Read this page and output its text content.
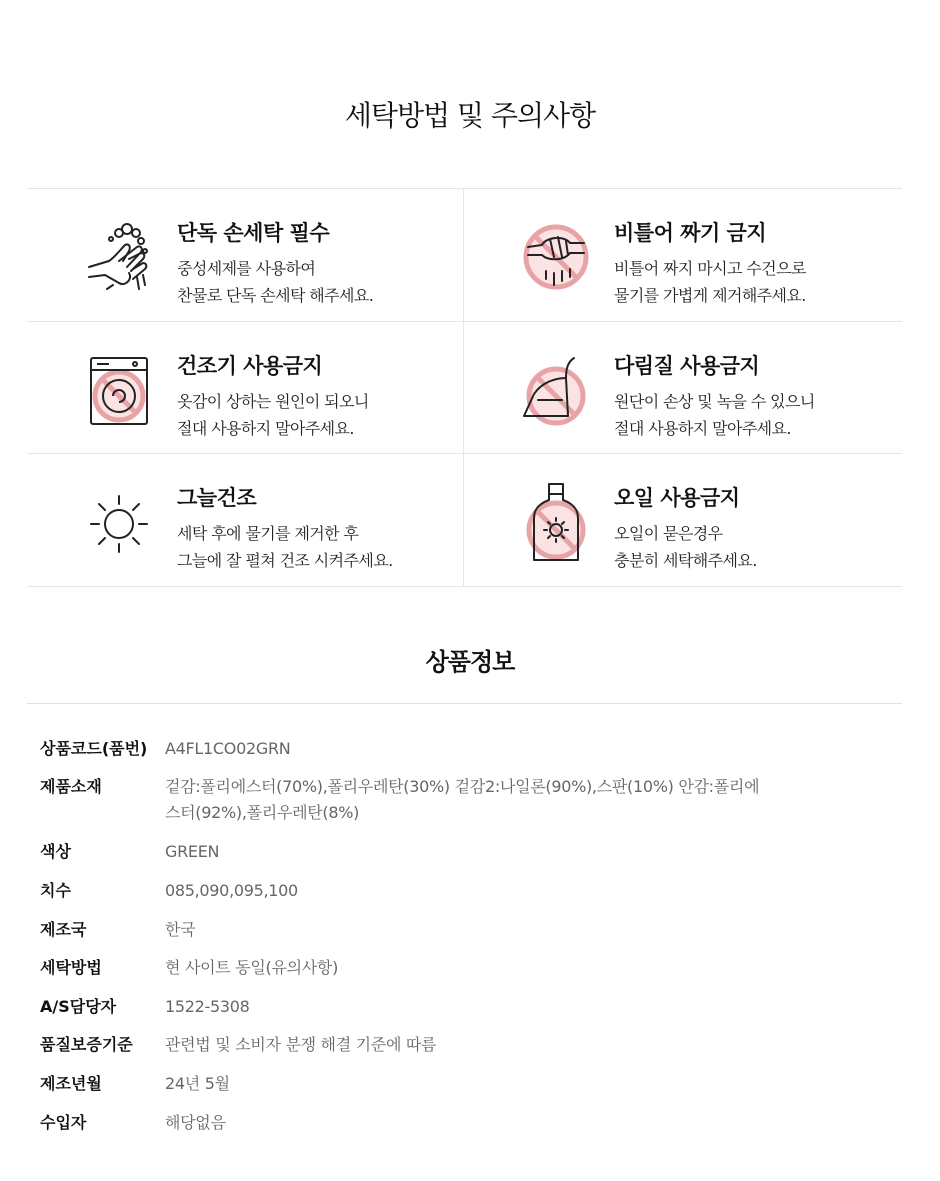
세탁방법 및 주의사항
단독 손세탁 필수
중성세제를 사용하여
찬물로 단독 손세탁 해주세요.
비틀어 짜기 금지
비틀어 짜지 마시고 수건으로
물기를 가볍게 제거해주세요.
건조기 사용금지
옷감이 상하는 원인이 되오니
절대 사용하지 말아주세요.
다림질 사용금지
원단이 손상 및 녹을 수 있으니
절대 사용하지 말아주세요.
그늘건조
세탁 후에 물기를 제거한 후
그늘에 잘 펼쳐 건조 시켜주세요.
오일 사용금지
오일이 묻은경우
충분히 세탁해주세요.
상품정보
상품코드(품번) A4FL1CO02GRN
제품소재	겉감:폴리에스터(70%),폴리우레탄(30%) 겉감2:나일론(90%),스판(10%) 안감:폴리에스터(92%),폴리우레탄(8%)
색상	GREEN
치수	085,090,095,100
제조국	한국
세탁방법	현 사이트 동일(유의사항)
A/S담당자	1522-5308
품질보증기준	관련법 및 소비자 분쟁 해결 기준에 따름
제조년월	24년 5월
수입자	해당없음
